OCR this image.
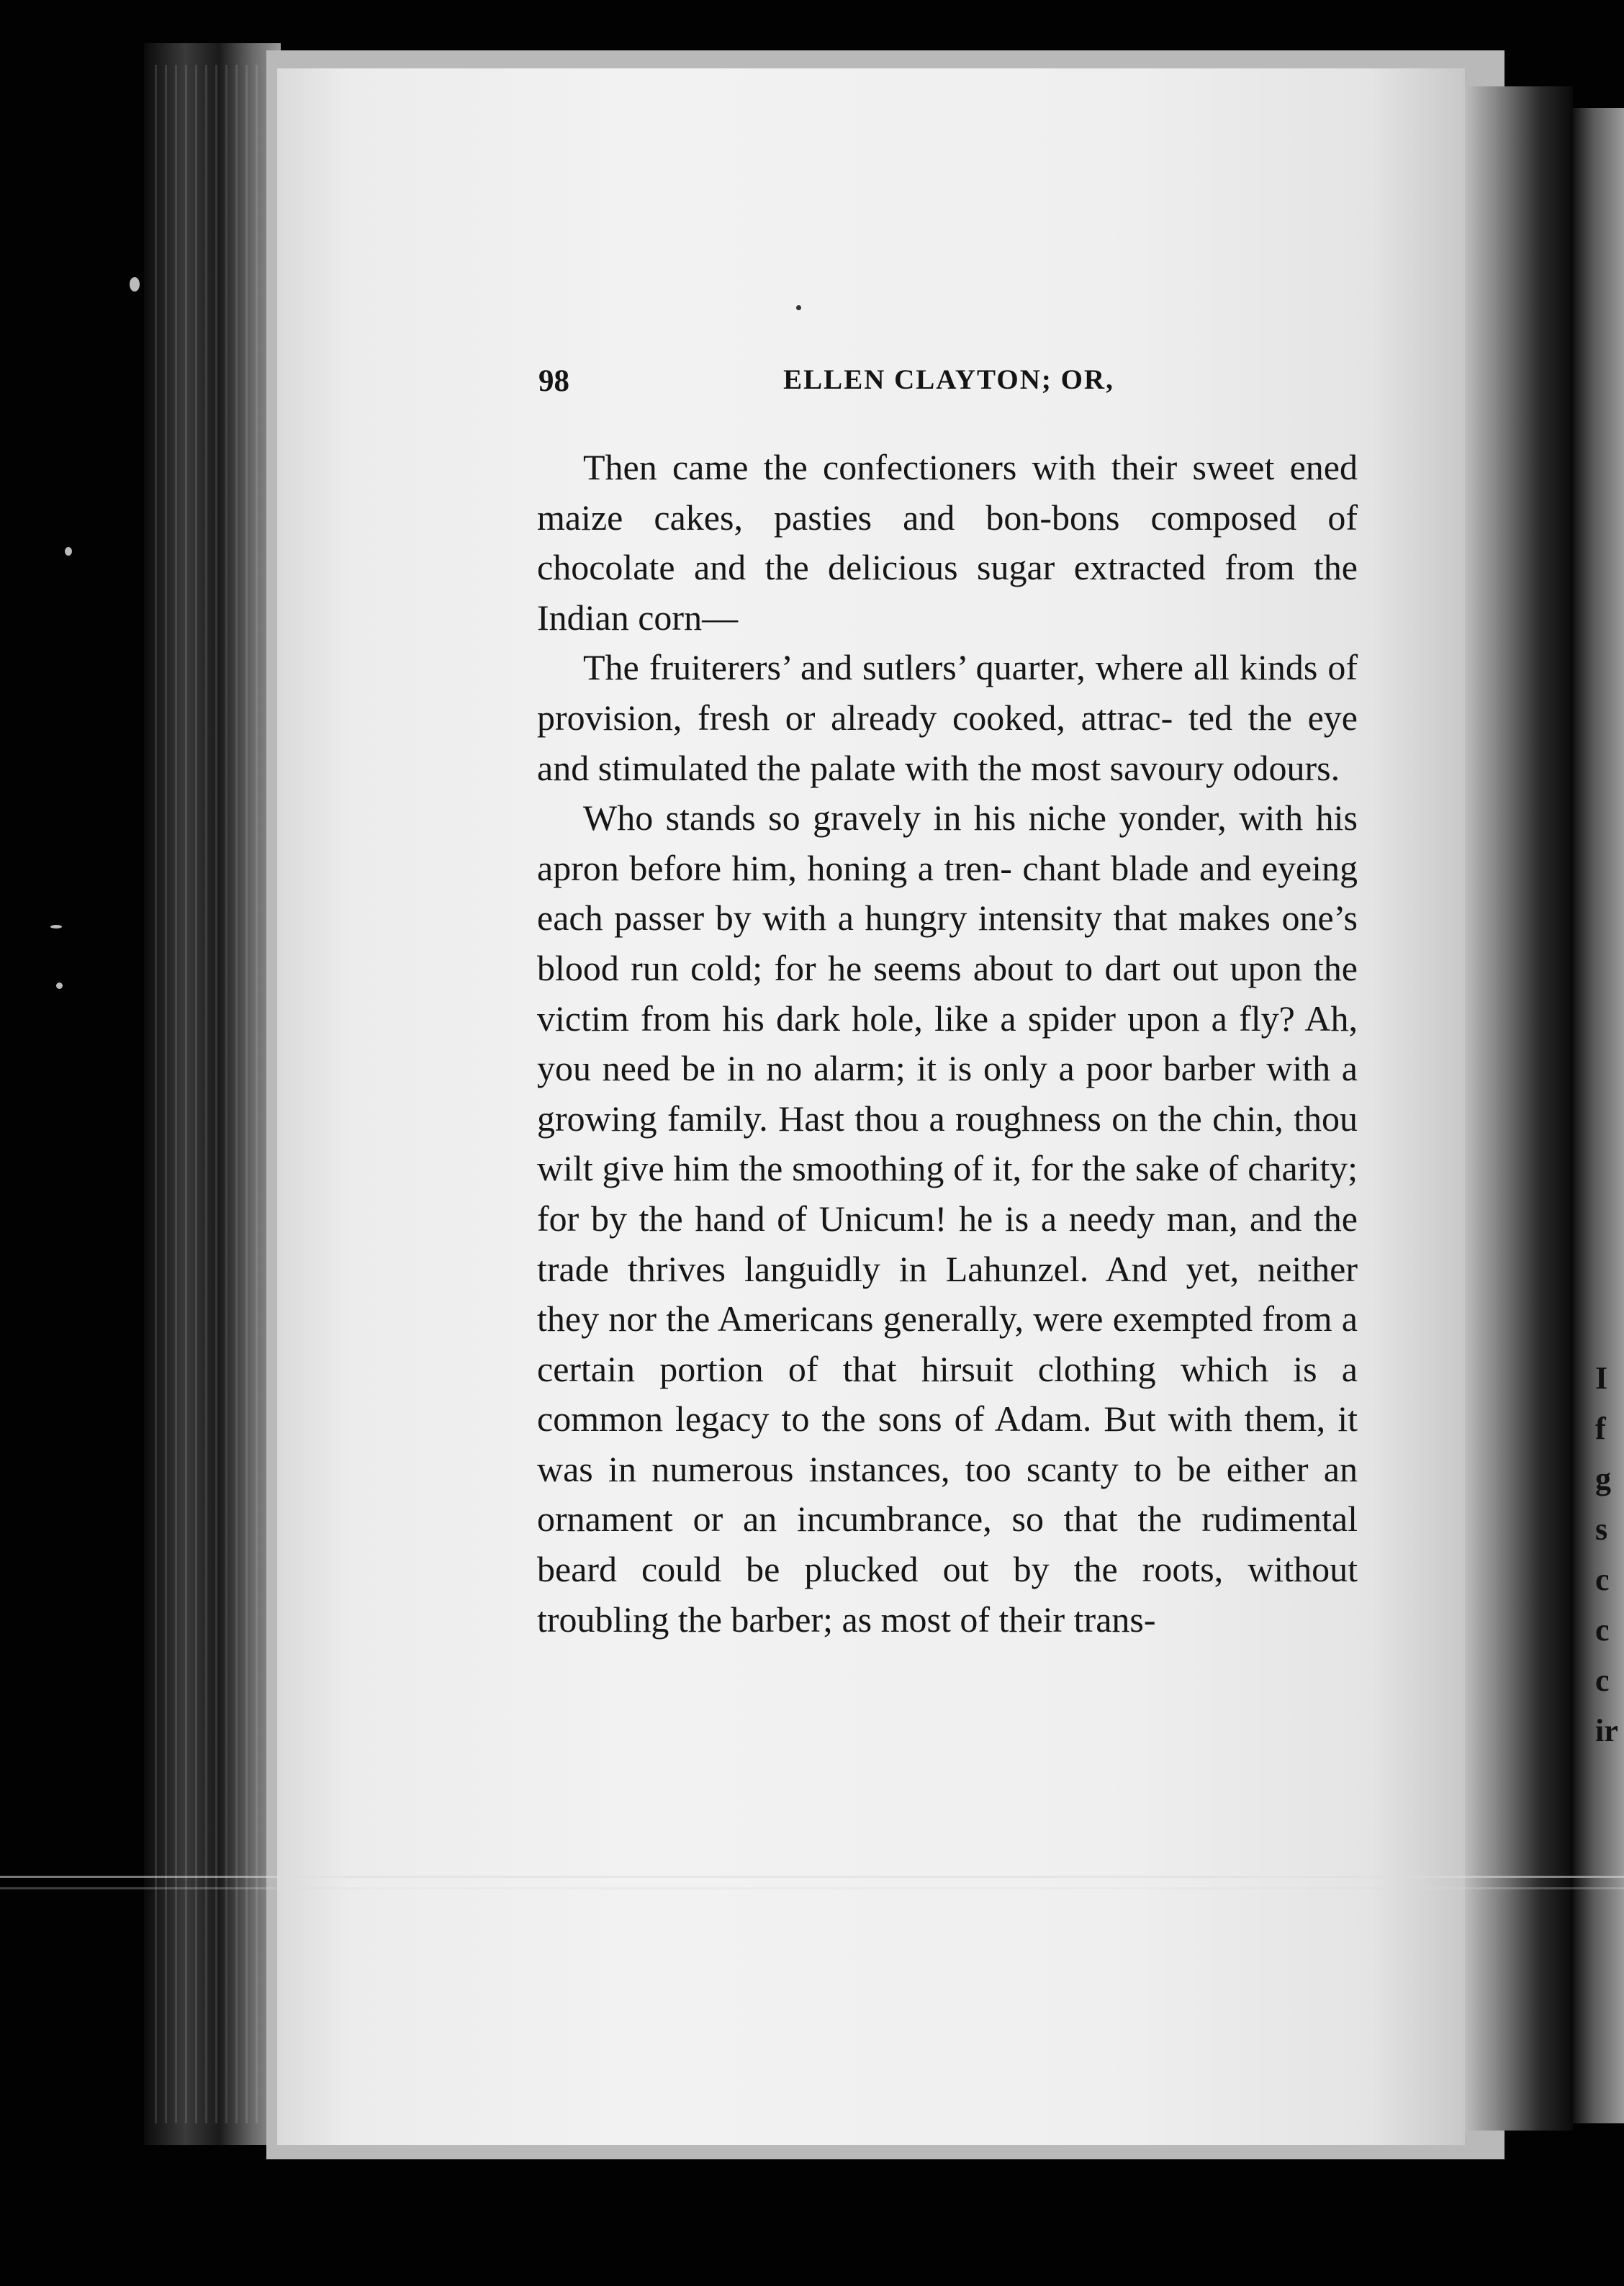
98	ELLEN CLAYTON; OR,

Then came the confectioners with their sweet ened maize cakes, pasties and bon-bons composed of chocolate and the delicious sugar extracted from the Indian corn—

The fruiterers’ and sutlers’ quarter, where all kinds of provision, fresh or already cooked, attrac- ted the eye and stimulated the palate with the most savoury odours.

Who stands so gravely in his niche yonder, with his apron before him, honing a tren- chant blade and eyeing each passer by with a hungry intensity that makes one’s blood run cold; for he seems about to dart out upon the victim from his dark hole, like a spider upon a fly? Ah, you need be in no alarm; it is only a poor barber with a growing family. Hast thou a roughness on the chin, thou wilt give him the smoothing of it, for the sake of charity; for by the hand of Unicum! he is a needy man, and the trade thrives languidly in Lahunzel. And yet, neither they nor the Americans generally, were exempted from a certain portion of that hirsuit clothing which is a common legacy to the sons of Adam. But with them, it was in numerous instances, too scanty to be either an ornament or an incumbrance, so that the rudimental beard could be plucked out by the roots, without troubling the barber; as most of their trans-

I
f
g
s
c
c
c
ir
